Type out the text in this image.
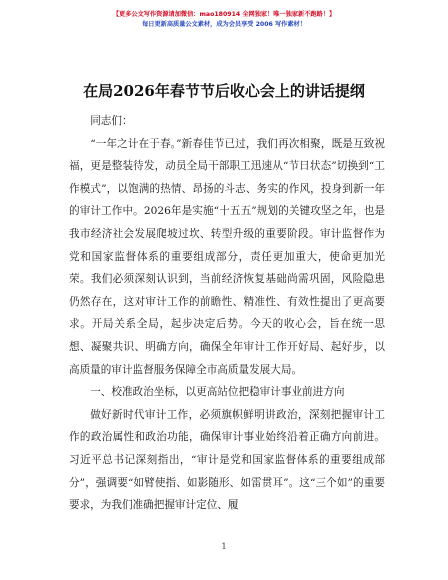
【更多公文写作资源请加微信：mao180914 全网独家！唯一独家新不跑路！】
每日更新高质量公文素材，成为会员享受 2006 写作素材！
在局2026年春节节后收心会上的讲话提纲

同志们：

“一年之计在于春。”新春佳节已过，我们再次相聚，既是互致祝福，更是整装待发，动员全局干部职工迅速从“节日状态”切换到“工作模式”，以饱满的热情、昂扬的斗志、务实的作风，投身到新一年的审计工作中。2026年是实施“十五五”规划的关键攻坚之年，也是我市经济社会发展爬坡过坎、转型升级的重要阶段。审计监督作为党和国家监督体系的重要组成部分，责任更加重大，使命更加光荣。我们必须深刻认识到，当前经济恢复基础尚需巩固，风险隐患仍然存在，这对审计工作的前瞻性、精准性、有效性提出了更高要求。开局关系全局，起步决定后势。今天的收心会，旨在统一思想、凝聚共识、明确方向，确保全年审计工作开好局、起好步，以高质量的审计监督服务保障全市高质量发展大局。

一、校准政治坐标，以更高站位把稳审计事业前进方向

做好新时代审计工作，必须旗帜鲜明讲政治，深刻把握审计工作的政治属性和政治功能，确保审计事业始终沿着正确方向前进。习近平总书记深刻指出，“审计是党和国家监督体系的重要组成部分”，强调要“如臂使指、如影随形、如雷贯耳”。这“三个如”的重要要求，为我们准确把握审计定位、履

1
